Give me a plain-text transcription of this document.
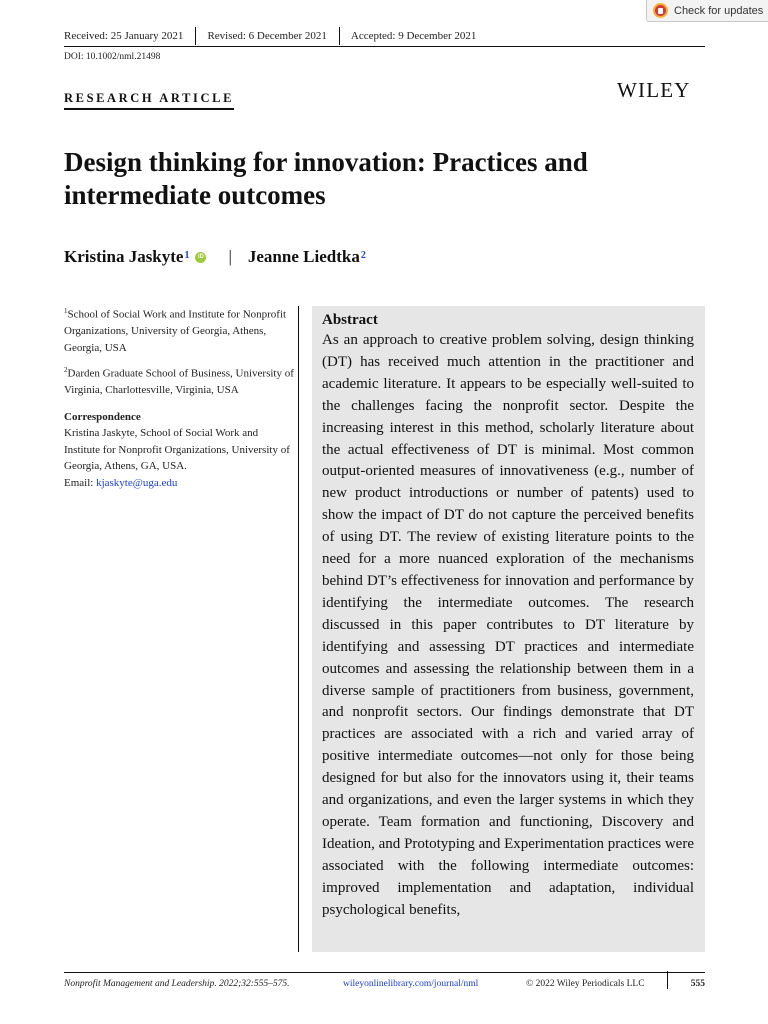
Check for updates
Received: 25 January 2021 Revised: 6 December 2021 Accepted: 9 December 2021
DOI: 10.1002/nml.21498
RESEARCH ARTICLE	WILEY
Design thinking for innovation: Practices and intermediate outcomes
Kristina Jaskyte$^1$	iD | Jeanne Liedtka$^2$
$^1$School of Social Work and Institute for Nonprofit Organizations, University of Georgia, Athens, Georgia, USA
$^2$Darden Graduate School of Business, University of Virginia, Charlottesville, Virginia, USA
Correspondence
Kristina Jaskyte, School of Social Work and Institute for Nonprofit Organizations, University of Georgia, Athens, GA, USA.
Email: kjaskyte@uga.edu
Abstract
As an approach to creative problem solving, design thinking (DT) has received much attention in the practitioner and academic literature. It appears to be especially well-suited to the challenges facing the nonprofit sector. Despite the increasing interest in this method, scholarly literature about the actual effectiveness of DT is minimal. Most common output-oriented measures of innovativeness (e.g., number of new product introductions or number of patents) used to show the impact of DT do not capture the perceived benefits of using DT. The review of existing literature points to the need for a more nuanced exploration of the mechanisms behind DT’s effectiveness for innovation and performance by identifying the intermediate outcomes. The research discussed in this paper contributes to DT literature by identifying and assessing DT practices and intermediate outcomes and assessing the relationship between them in a diverse sample of practitioners from business, government, and nonprofit sectors. Our findings demonstrate that DT practices are associated with a rich and varied array of positive intermediate outcomes—not only for those being designed for but also for the innovators using it, their teams and organizations, and even the larger systems in which they operate. Team formation and functioning, Discovery and Ideation, and Prototyping and Experimentation practices were associated with the following intermediate outcomes: improved implementation and adaptation, individual psychological benefits,
Nonprofit Management and Leadership. 2022;32:555–575.	wileyonlinelibrary.com/journal/nml	© 2022 Wiley Periodicals LLC	555
